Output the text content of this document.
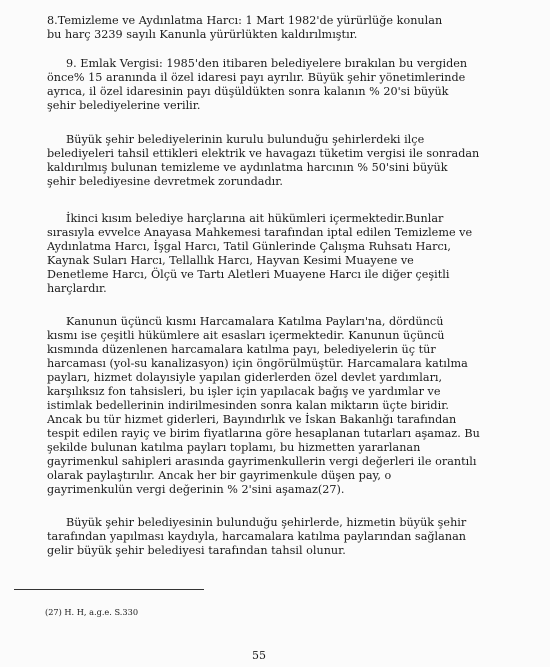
8.Temizleme ve Aydınlatma Harcı: 1 Mart 1982'de yürürlüğe konulan
bu harç 3239 sayılı Kanunla yürürlükten kaldırılmıştır.
9. Emlak Vergisi: 1985'den itibaren belediyelere bırakılan bu vergiden
önce% 15 aranında il özel idaresi payı ayrılır. Büyük şehir yönetimlerinde
ayrıca, il özel idaresinin payı düşüldükten sonra kalanın % 20'si büyük
şehir belediyelerine verilir.
Büyük şehir belediyelerinin kurulu bulunduğu şehirlerdeki ilçe
belediyeleri tahsil ettikleri elektrik ve havagazı tüketim vergisi ile sonradan
kaldırılmış bulunan temizleme ve aydınlatma harcının % 50'sini büyük
şehir belediyesine devretmek zorundadır.
İkinci kısım belediye harçlarına ait hükümleri içermektedir.Bunlar
sırasıyla evvelce Anayasa Mahkemesi tarafından iptal edilen Temizleme ve
Aydınlatma Harcı, İşgal Harcı, Tatil Günlerinde Çalışma Ruhsatı Harcı,
Kaynak Suları Harcı, Tellallık Harcı, Hayvan Kesimi Muayene ve
Denetleme Harcı, Ölçü ve Tartı Aletleri Muayene Harcı ile diğer çeşitli
harçlardır.
Kanunun üçüncü kısmı Harcamalara Katılma Payları'na, dördüncü
kısmı ise çeşitli hükümlere ait esasları içermektedir. Kanunun üçüncü
kısmında düzenlenen harcamalara katılma payı, belediyelerin üç tür
harcaması (yol-su kanalizasyon) için öngörülmüştür. Harcamalara katılma
payları, hizmet dolayısiyle yapılan giderlerden özel devlet yardımları,
karşılıksız fon tahsisleri, bu işler için yapılacak bağış ve yardımlar ve
istimlak bedellerinin indirilmesinden sonra kalan miktarın üçte biridir.
Ancak bu tür hizmet giderleri, Bayındırlık ve İskan Bakanlığı tarafından
tespit edilen rayiç ve birim fiyatlarına göre hesaplanan tutarları aşamaz. Bu
şekilde bulunan katılma payları toplamı, bu hizmetten yararlanan
gayrimenkul sahipleri arasında gayrimenkullerin vergi değerleri ile orantılı
olarak paylaştırılır. Ancak her bir gayrimenkule düşen pay, o
gayrimenkulün vergi değerinin % 2'sini aşamaz(27).
Büyük şehir belediyesinin bulunduğu şehirlerde, hizmetin büyük şehir
tarafından yapılması kaydıyla, harcamalara katılma paylarından sağlanan
gelir büyük şehir belediyesi tarafından tahsil olunur.
(27) H. H, a.g.e. S.330
55
